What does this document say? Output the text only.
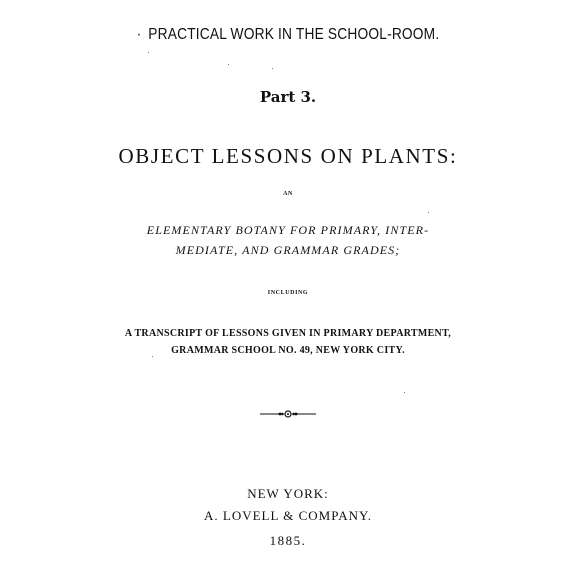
· PRACTICAL WORK IN THE SCHOOL-ROOM.
Part 3.
OBJECT LESSONS ON PLANTS:
AN
ELEMENTARY BOTANY FOR PRIMARY, INTER-
MEDIATE, AND GRAMMAR GRADES;
INCLUDING
A TRANSCRIPT OF LESSONS GIVEN IN PRIMARY DEPARTMENT,
GRAMMAR SCHOOL NO. 49, NEW YORK CITY.
NEW YORK:
A. LOVELL & COMPANY.
1885.
